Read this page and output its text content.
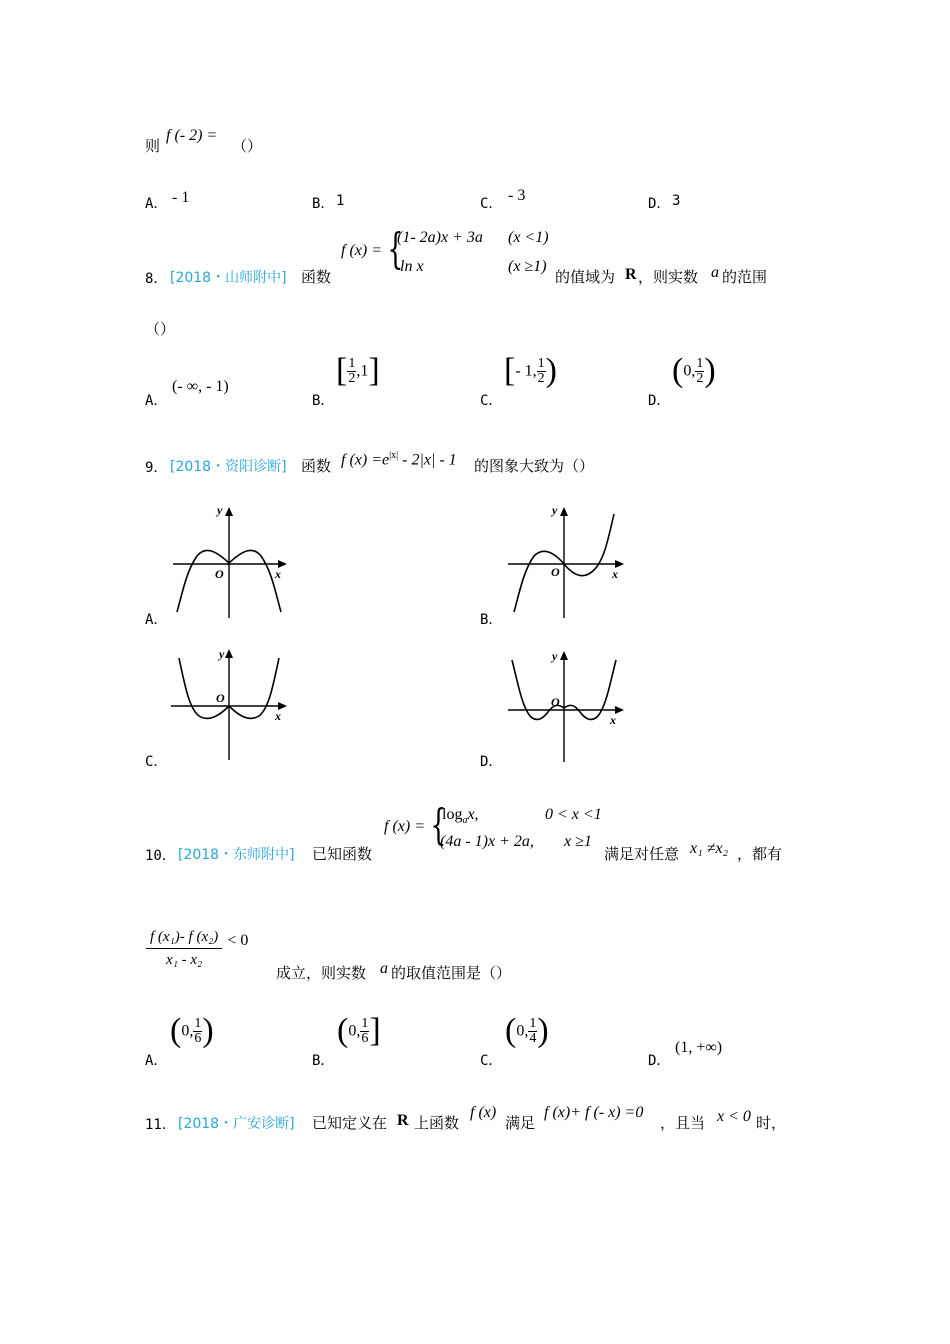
则
f (- 2) =
（）
A． - 1	B． 1	C． - 3	D． 3
8． [2018・山师附中] 函数
f (x) = {
(1- 2a)x + 3a (x <1)
ln x	(x ≥1)
的值域为 R ，则实数 a 的范围
（）
A．
(- ∞, - 1)
B．
[ $\frac{1}{2} ,1$]
C．
[- 1, $\frac{1}{2}$ )
D．
(0, $\frac{1}{2}$ )
9． [2018・资阳诊断] 函数 f $(x) =e^{|x|} - 2|x| - 1$ 的图象大致为（）
y
O	x
A．
y
O	x
B．
y
O
x
C．
y
O
x
D．
10． [2018・东师附中] 已知函数
f (x) = {
$\log_ax$,	0 < x <1
(4a - 1)x + 2a, x ≥1
满足对任意 x₁ ≠x₂ ，都有
$\frac{\text{f (x₁)- f (x₂)}}{\text{x₁ - x₂}} < 0$
成立，则实数 a 的取值范围是（）
A．
(0, $\frac{1}{6}$ )
B．
(0, $\frac{1}{6}$ ]
C．
(0, $\frac{1}{4}$ )
D．
(1, +∞)
11． [2018・广安诊断] 已知定义在 R 上函数
f (x)
满足
f (x)+ f (- x) =0
，且当 x < 0 时，
